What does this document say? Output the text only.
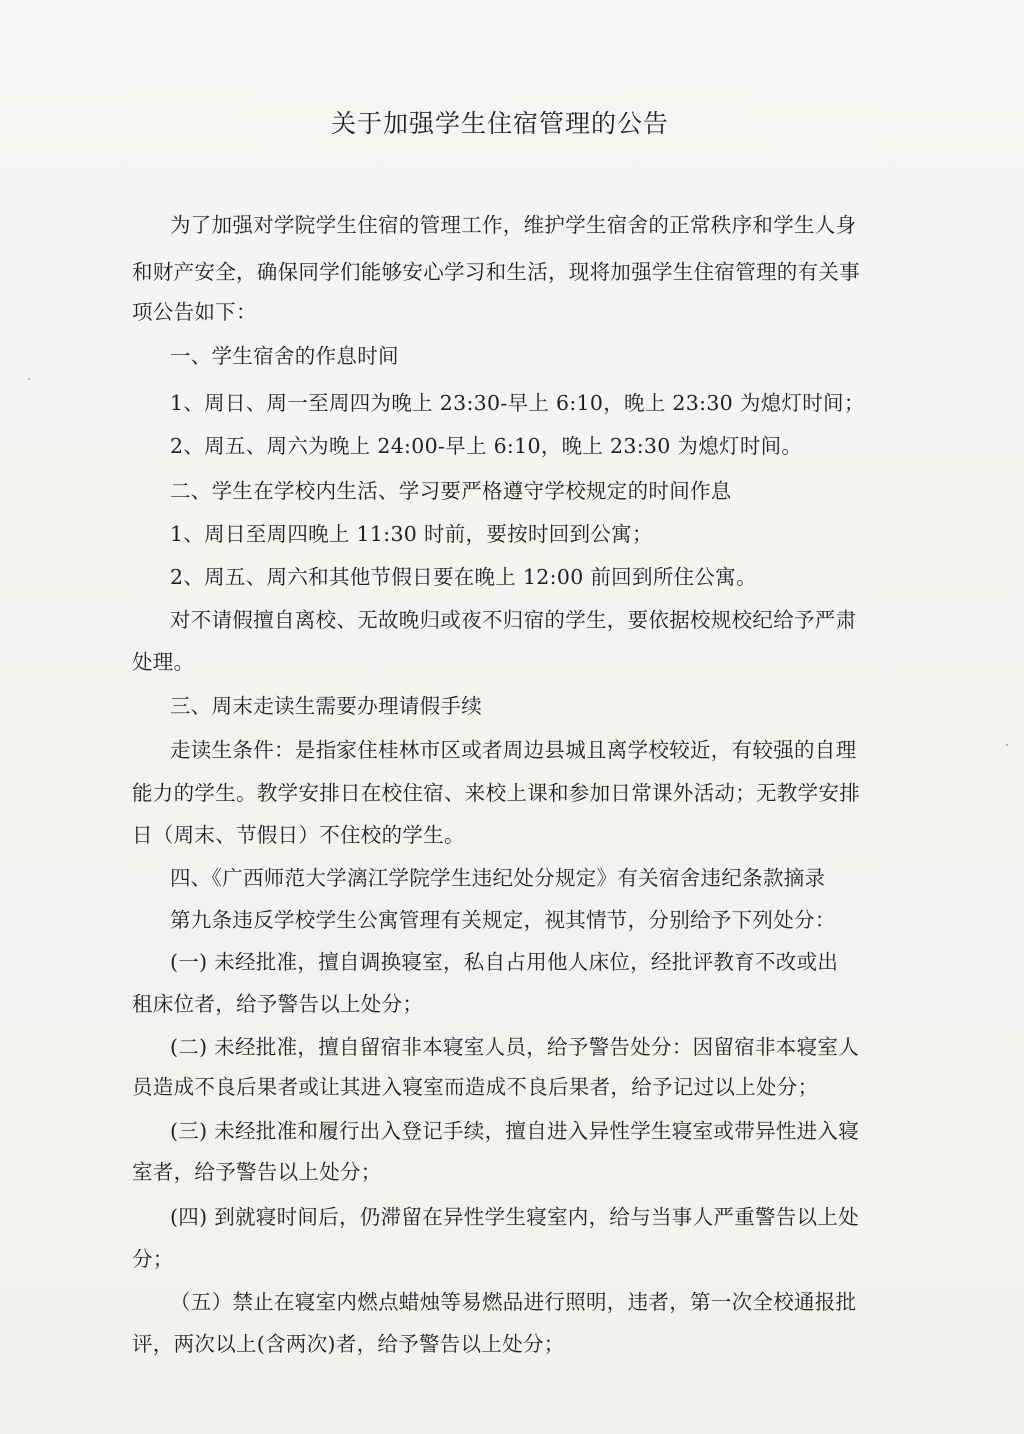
关于加强学生住宿管理的公告
为了加强对学院学生住宿的管理工作，维护学生宿舍的正常秩序和学生人身
和财产安全，确保同学们能够安心学习和生活，现将加强学生住宿管理的有关事
项公告如下：
一、学生宿舍的作息时间
1、周日、周一至周四为晚上 23:30-早上 6:10，晚上 23:30 为熄灯时间；
2、周五、周六为晚上 24:00-早上 6:10，晚上 23:30 为熄灯时间。
二、学生在学校内生活、学习要严格遵守学校规定的时间作息
1、周日至周四晚上 11:30 时前，要按时回到公寓；
2、周五、周六和其他节假日要在晚上 12:00 前回到所住公寓。
对不请假擅自离校、无故晚归或夜不归宿的学生，要依据校规校纪给予严肃
处理。
三、周末走读生需要办理请假手续
走读生条件：是指家住桂林市区或者周边县城且离学校较近，有较强的自理
能力的学生。教学安排日在校住宿、来校上课和参加日常课外活动；无教学安排
日（周末、节假日）不住校的学生。
四、《广西师范大学漓江学院学生违纪处分规定》有关宿舍违纪条款摘录
第九条违反学校学生公寓管理有关规定，视其情节，分别给予下列处分：
(一) 未经批准，擅自调换寝室，私自占用他人床位，经批评教育不改或出
租床位者，给予警告以上处分；
(二) 未经批准，擅自留宿非本寝室人员，给予警告处分：因留宿非本寝室人
员造成不良后果者或让其进入寝室而造成不良后果者，给予记过以上处分；
(三) 未经批准和履行出入登记手续，擅自进入异性学生寝室或带异性进入寝
室者，给予警告以上处分；
(四) 到就寝时间后，仍滞留在异性学生寝室内，给与当事人严重警告以上处
分；
（五）禁止在寝室内燃点蜡烛等易燃品进行照明，违者，第一次全校通报批
评，两次以上(含两次)者，给予警告以上处分；
